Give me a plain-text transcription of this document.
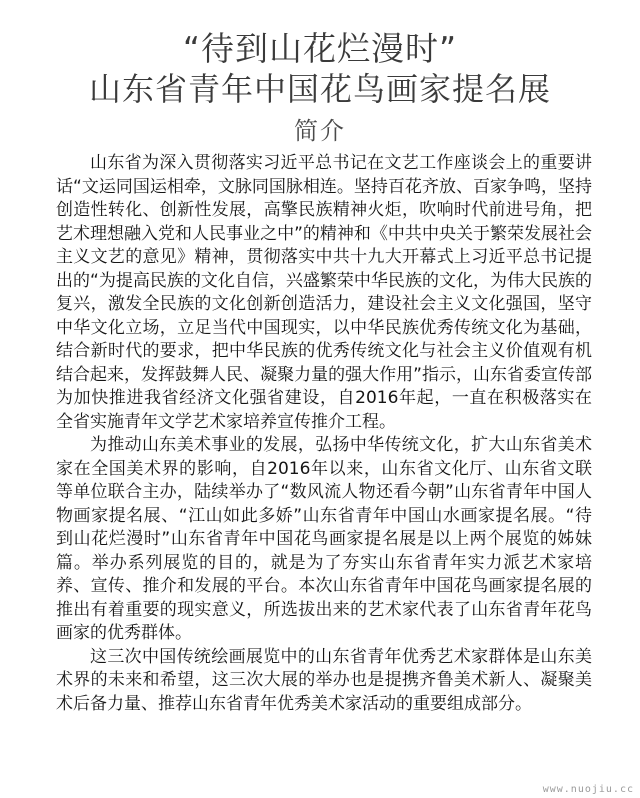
“待到山花烂漫时”
山东省青年中国花鸟画家提名展
简介

山东省为深入贯彻落实习近平总书记在文艺工作座谈会上的重要讲话“文运同国运相牵，文脉同国脉相连。坚持百花齐放、百家争鸣，坚持创造性转化、创新性发展，高擎民族精神火炬，吹响时代前进号角，把艺术理想融入党和人民事业之中”的精神和《中共中央关于繁荣发展社会主义文艺的意见》精神，贯彻落实中共十九大开幕式上习近平总书记提出的“为提高民族的文化自信，兴盛繁荣中华民族的文化，为伟大民族的复兴，激发全民族的文化创新创造活力，建设社会主义文化强国，坚守中华文化立场，立足当代中国现实，以中华民族优秀传统文化为基础，结合新时代的要求，把中华民族的优秀传统文化与社会主义价值观有机结合起来，发挥鼓舞人民、凝聚力量的强大作用”指示，山东省委宣传部为加快推进我省经济文化强省建设，自2016年起，一直在积极落实在全省实施青年文学艺术家培养宣传推介工程。

为推动山东美术事业的发展，弘扬中华传统文化，扩大山东省美术家在全国美术界的影响，自2016年以来，山东省文化厅、山东省文联等单位联合主办，陆续举办了“数风流人物还看今朝”山东省青年中国人物画家提名展、“江山如此多娇”山东省青年中国山水画家提名展。“待到山花烂漫时”山东省青年中国花鸟画家提名展是以上两个展览的姊妹篇。举办系列展览的目的，就是为了夯实山东省青年实力派艺术家培养、宣传、推介和发展的平台。本次山东省青年中国花鸟画家提名展的推出有着重要的现实意义，所选拔出来的艺术家代表了山东省青年花鸟画家的优秀群体。

这三次中国传统绘画展览中的山东省青年优秀艺术家群体是山东美术界的未来和希望，这三次大展的举办也是提携齐鲁美术新人、凝聚美术后备力量、推荐山东省青年优秀美术家活动的重要组成部分。

www.nuojiu.cc
